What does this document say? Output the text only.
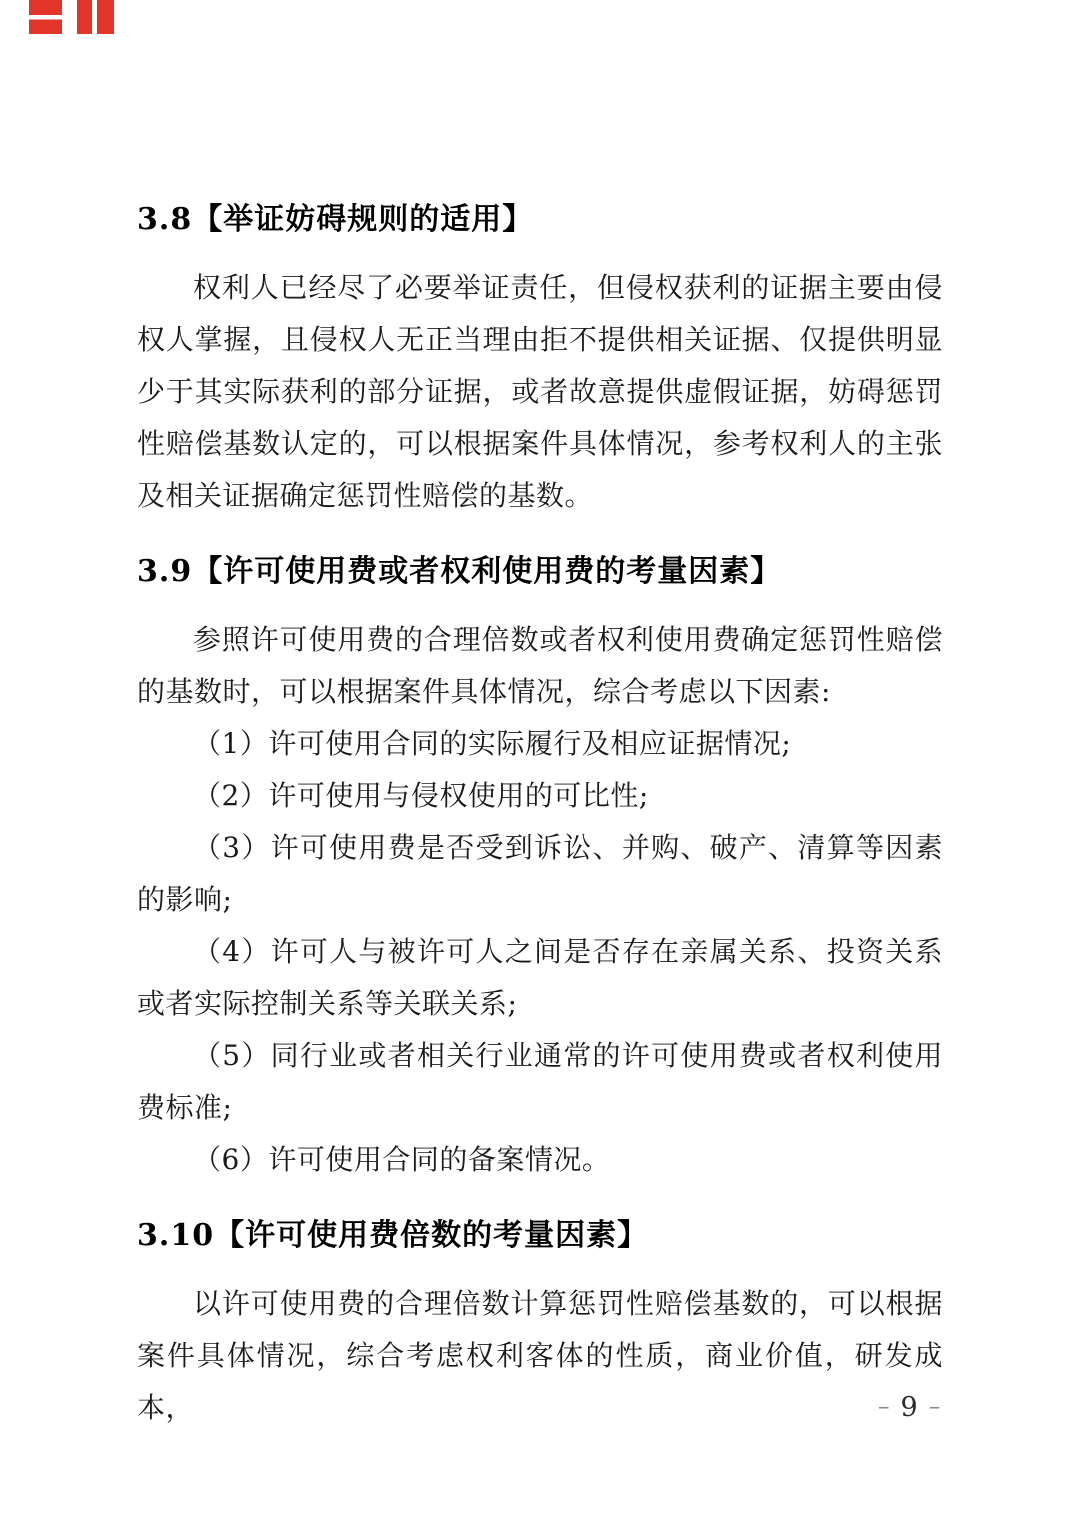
3.8【举证妨碍规则的适用】

权利人已经尽了必要举证责任，但侵权获利的证据主要由侵权人掌握，且侵权人无正当理由拒不提供相关证据、仅提供明显少于其实际获利的部分证据，或者故意提供虚假证据，妨碍惩罚性赔偿基数认定的，可以根据案件具体情况，参考权利人的主张及相关证据确定惩罚性赔偿的基数。

3.9【许可使用费或者权利使用费的考量因素】

参照许可使用费的合理倍数或者权利使用费确定惩罚性赔偿的基数时，可以根据案件具体情况，综合考虑以下因素:

（1）许可使用合同的实际履行及相应证据情况;

（2）许可使用与侵权使用的可比性;

（3）许可使用费是否受到诉讼、并购、破产、清算等因素的影响;

（4）许可人与被许可人之间是否存在亲属关系、投资关系或者实际控制关系等关联关系;

（5）同行业或者相关行业通常的许可使用费或者权利使用费标准;

（6）许可使用合同的备案情况。

3.10【许可使用费倍数的考量因素】

以许可使用费的合理倍数计算惩罚性赔偿基数的，可以根据案件具体情况，综合考虑权利客体的性质，商业价值，研发成本，	– 9 –
